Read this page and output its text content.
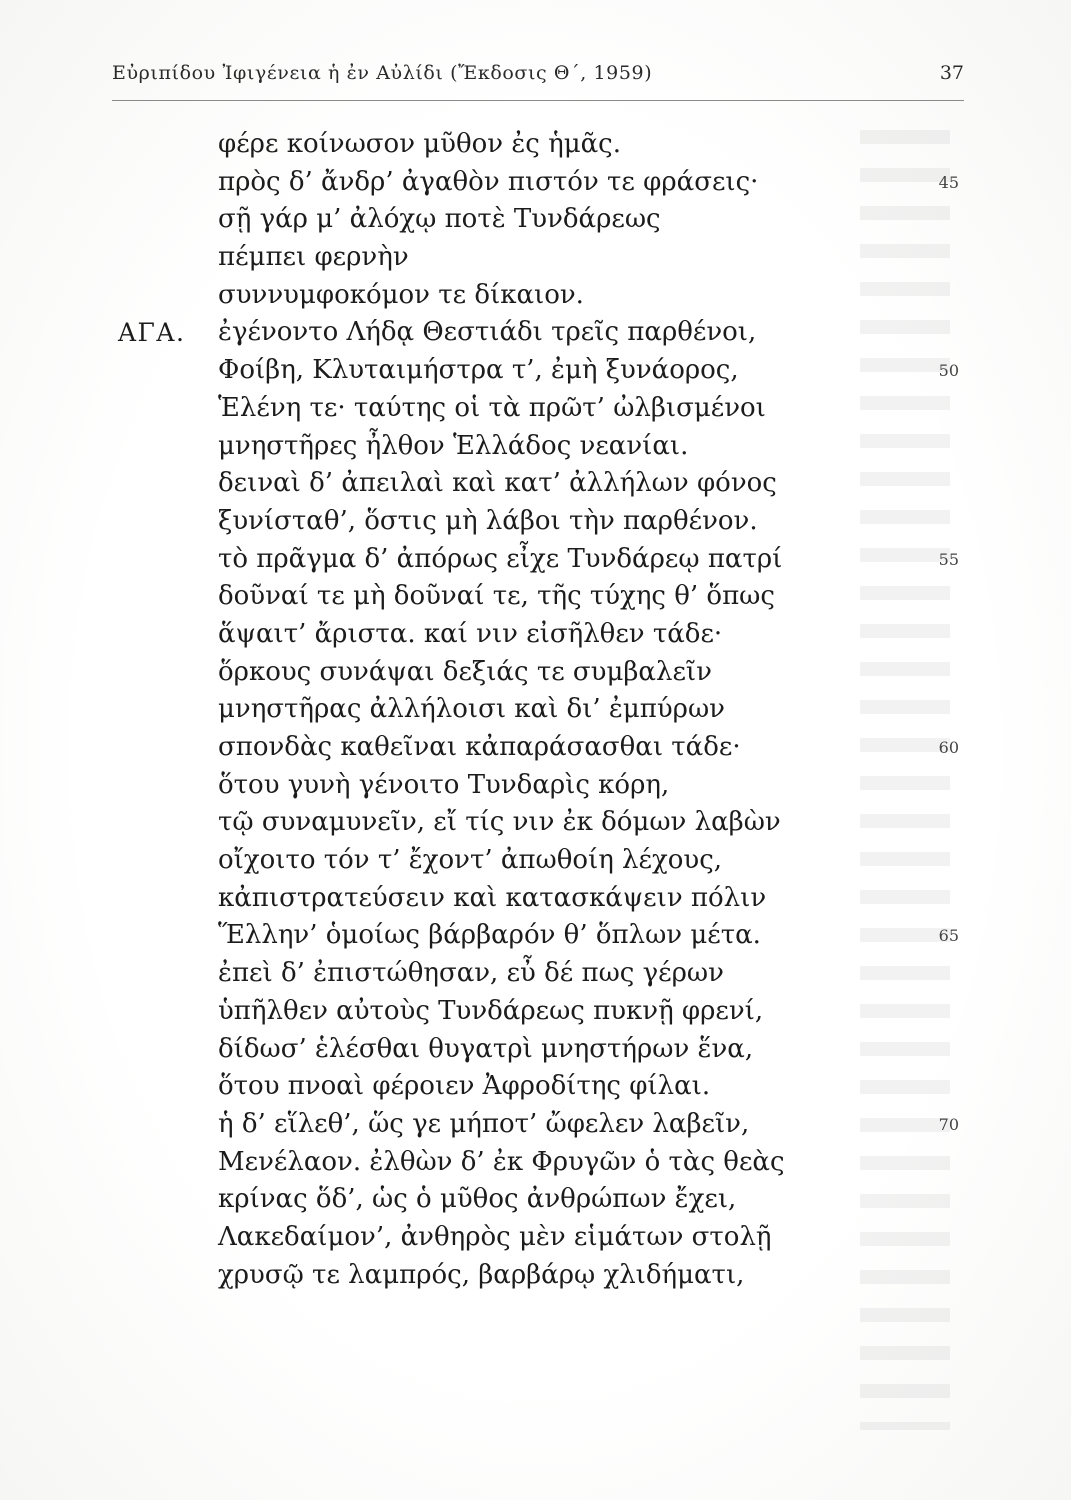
Εὐριπίδου Ἰφιγένεια ἡ ἐν Αὐλίδι (Ἔκδοσις Θ΄, 1959)	37
φέρε κοίνωσον μῦθον ἐς ἡμᾶς.
πρὸς δ’ ἄνδρ’ ἀγαθὸν πιστόν τε φράσεις·	45
σῇ γάρ μ’ ἀλόχῳ ποτὲ Τυνδάρεως
πέμπει φερνὴν
συννυμφοκόμον τε δίκαιον.
ΑΓΑ. ἐγένοντο Λήδᾳ Θεστιάδι τρεῖς παρθένοι,
Φοίβη, Κλυταιμήστρα τ’, ἐμὴ ξυνάορος,	50
Ἑλένη τε· ταύτης οἱ τὰ πρῶτ’ ὠλβισμένοι
μνηστῆρες ἦλθον Ἑλλάδος νεανίαι.
δειναὶ δ’ ἀπειλαὶ καὶ κατ’ ἀλλήλων φόνος
ξυνίσταθ’, ὅστις μὴ λάβοι τὴν παρθένον.
τὸ πρᾶγμα δ’ ἀπόρως εἶχε Τυνδάρεῳ πατρί	55
δοῦναί τε μὴ δοῦναί τε, τῆς τύχης θ’ ὅπως
ἅψαιτ’ ἄριστα. καί νιν εἰσῆλθεν τάδε·
ὅρκους συνάψαι δεξιάς τε συμβαλεῖν
μνηστῆρας ἀλλήλοισι καὶ δι’ ἐμπύρων
σπονδὰς καθεῖναι κἀπαράσασθαι τάδε·	60
ὅτου γυνὴ γένοιτο Τυνδαρὶς κόρη,
τῷ συναμυνεῖν, εἴ τίς νιν ἐκ δόμων λαβὼν
οἴχοιτο τόν τ’ ἔχοντ’ ἀπωθοίη λέχους,
κἀπιστρατεύσειν καὶ κατασκάψειν πόλιν
Ἕλλην’ ὁμοίως βάρβαρόν θ’ ὅπλων μέτα.	65
ἐπεὶ δ’ ἐπιστώθησαν, εὖ δέ πως γέρων
ὑπῆλθεν αὐτοὺς Τυνδάρεως πυκνῇ φρενί,
δίδωσ’ ἑλέσθαι θυγατρὶ μνηστήρων ἕνα,
ὅτου πνοαὶ φέροιεν Ἀφροδίτης φίλαι.
ἡ δ’ εἵλεθ’, ὥς γε μήποτ’ ὤφελεν λαβεῖν,	70
Μενέλαον. ἐλθὼν δ’ ἐκ Φρυγῶν ὁ τὰς θεὰς
κρίνας ὅδ’, ὡς ὁ μῦθος ἀνθρώπων ἔχει,
Λακεδαίμον’, ἀνθηρὸς μὲν εἱμάτων στολῇ
χρυσῷ τε λαμπρός, βαρβάρῳ χλιδήματι,
